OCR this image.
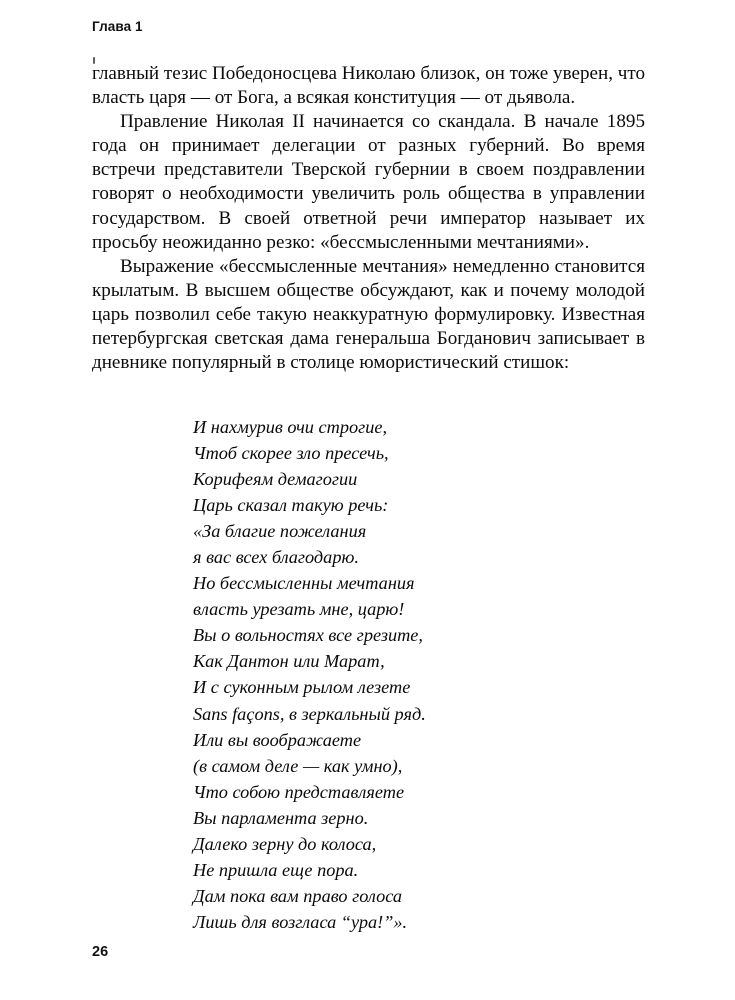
Глава 1

главный тезис Победоносцева Николаю близок, он тоже уверен, что власть царя — от Бога, а всякая конституция — от дьявола.

Правление Николая II начинается со скандала. В начале 1895 года он принимает делегации от разных губерний. Во время встречи представители Тверской губернии в своем поздравлении говорят о необходимости увеличить роль общества в управлении государством. В своей ответной речи император называет их просьбу неожиданно резко: «бессмысленными мечтаниями».

Выражение «бессмысленные мечтания» немедленно становится крылатым. В высшем обществе обсуждают, как и почему молодой царь позволил себе такую неаккуратную формулировку. Известная петербургская светская дама генеральша Богданович записывает в дневнике популярный в столице юмористический стишок:

И нахмурив очи строгие,

Чтоб скорее зло пресечь,

Корифеям демагогии

Царь сказал такую речь:

«За благие пожелания

я вас всех благодарю.

Но бессмысленны мечтания

власть урезать мне, царю!

Вы о вольностях все грезите,

Как Дантон или Марат,

И с суконным рылом лезете

Sans façons, в зеркальный ряд.

Или вы воображаете

(в самом деле — как умно),

Что собою представляете

Вы парламента зерно.

Далеко зерну до колоса,

Не пришла еще пора.

Дам пока вам право голоса

Лишь для возгласа “ура!”».

26
